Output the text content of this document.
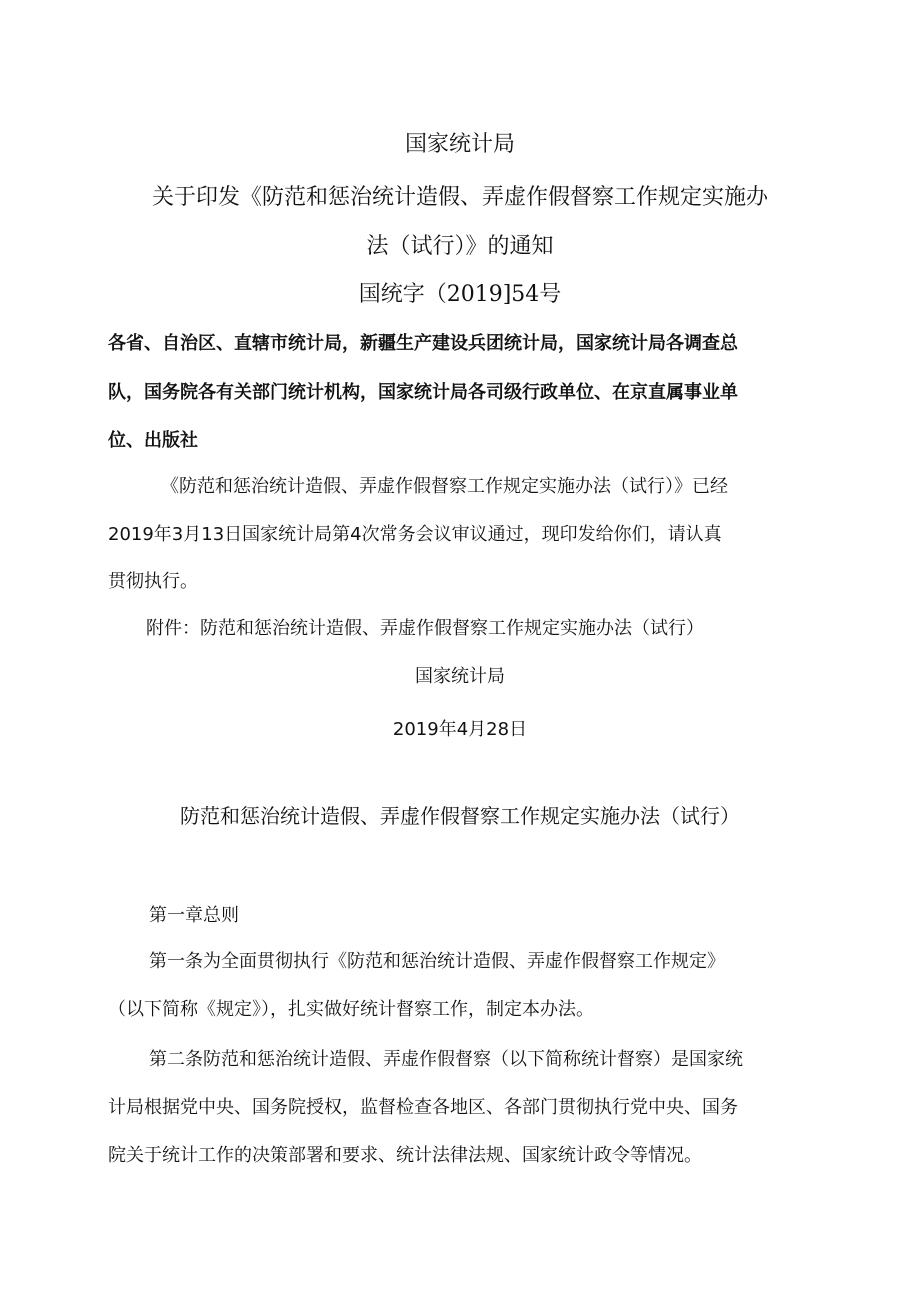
国家统计局
关于印发《防范和惩治统计造假、弄虚作假督察工作规定实施办
法（试行）》的通知
国统字（2019]54号
各省、自治区、直辖市统计局，新疆生产建设兵团统计局，国家统计局各调查总
队，国务院各有关部门统计机构，国家统计局各司级行政单位、在京直属事业单
位、出版社
《防范和惩治统计造假、弄虚作假督察工作规定实施办法（试行）》已经
2019年3月13日国家统计局第4次常务会议审议通过，现印发给你们，请认真
贯彻执行。
附件：防范和惩治统计造假、弄虚作假督察工作规定实施办法（试行）
国家统计局
2019年4月28日
防范和惩治统计造假、弄虚作假督察工作规定实施办法（试行）
第一章总则
第一条为全面贯彻执行《防范和惩治统计造假、弄虚作假督察工作规定》
（以下简称《规定》），扎实做好统计督察工作，制定本办法。
第二条防范和惩治统计造假、弄虚作假督察（以下简称统计督察）是国家统
计局根据党中央、国务院授权，监督检查各地区、各部门贯彻执行党中央、国务
院关于统计工作的决策部署和要求、统计法律法规、国家统计政令等情况。
